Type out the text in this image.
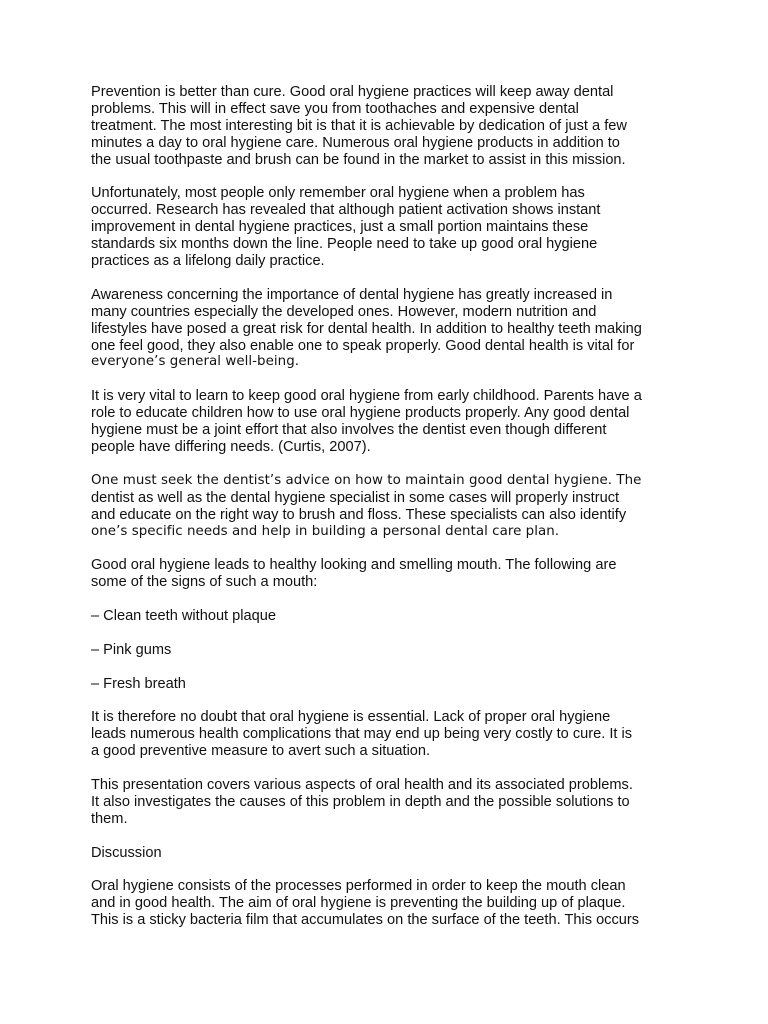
Prevention is better than cure. Good oral hygiene practices will keep away dental
problems. This will in effect save you from toothaches and expensive dental
treatment. The most interesting bit is that it is achievable by dedication of just a few
minutes a day to oral hygiene care. Numerous oral hygiene products in addition to
the usual toothpaste and brush can be found in the market to assist in this mission.

Unfortunately, most people only remember oral hygiene when a problem has
occurred. Research has revealed that although patient activation shows instant
improvement in dental hygiene practices, just a small portion maintains these
standards six months down the line. People need to take up good oral hygiene
practices as a lifelong daily practice.

Awareness concerning the importance of dental hygiene has greatly increased in
many countries especially the developed ones. However, modern nutrition and
lifestyles have posed a great risk for dental health. In addition to healthy teeth making
one feel good, they also enable one to speak properly. Good dental health is vital for
everyone’s general well-being.

It is very vital to learn to keep good oral hygiene from early childhood. Parents have a
role to educate children how to use oral hygiene products properly. Any good dental
hygiene must be a joint effort that also involves the dentist even though different
people have differing needs. (Curtis, 2007).

One must seek the dentist’s advice on how to maintain good dental hygiene. The
dentist as well as the dental hygiene specialist in some cases will properly instruct
and educate on the right way to brush and floss. These specialists can also identify
one’s specific needs and help in building a personal dental care plan.

Good oral hygiene leads to healthy looking and smelling mouth. The following are
some of the signs of such a mouth:

– Clean teeth without plaque

– Pink gums

– Fresh breath

It is therefore no doubt that oral hygiene is essential. Lack of proper oral hygiene
leads numerous health complications that may end up being very costly to cure. It is
a good preventive measure to avert such a situation.

This presentation covers various aspects of oral health and its associated problems.
It also investigates the causes of this problem in depth and the possible solutions to
them.

Discussion

Oral hygiene consists of the processes performed in order to keep the mouth clean
and in good health. The aim of oral hygiene is preventing the building up of plaque.
This is a sticky bacteria film that accumulates on the surface of the teeth. This occurs
